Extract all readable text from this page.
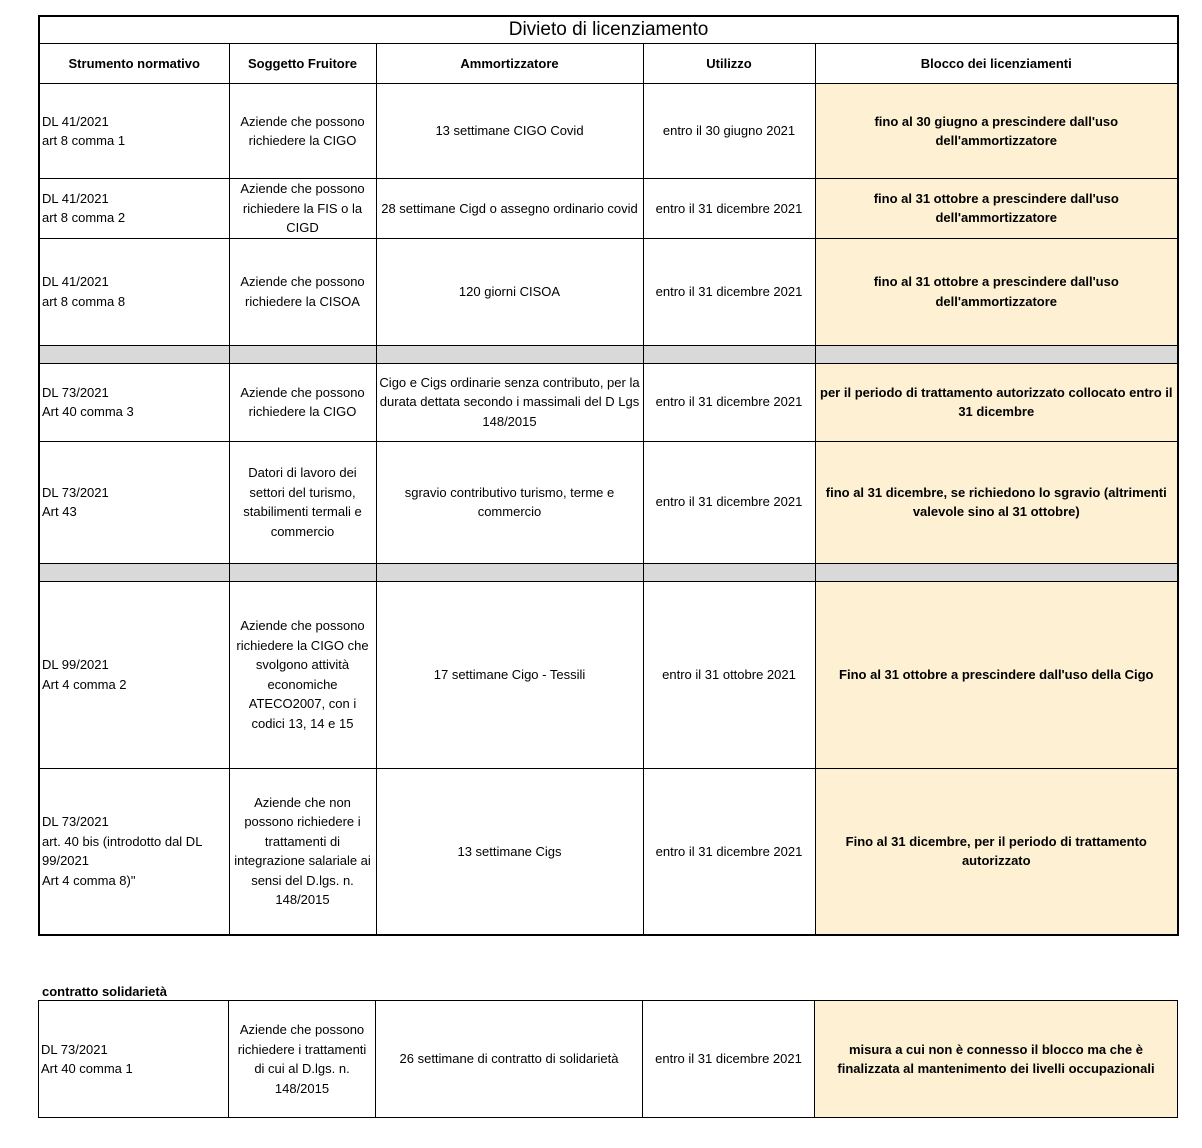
Divieto di licenziamento				
Strumento normativo	Soggetto Fruitore	Ammortizzatore	Utilizzo	Blocco dei licenziamenti
DL 41/2021
art 8 comma 1	Aziende che possono richiedere la CIGO	13 settimane CIGO Covid	entro il 30 giugno 2021	fino al 30 giugno a prescindere dall'uso dell'ammortizzatore
DL 41/2021
art 8 comma 2	Aziende che possono richiedere la FIS o la CIGD	28 settimane Cigd o assegno ordinario covid	entro il 31 dicembre 2021	fino al 31 ottobre a prescindere dall'uso dell'ammortizzatore
DL 41/2021
art 8 comma 8	Aziende che possono richiedere la CISOA	120 giorni CISOA	entro il 31 dicembre 2021	fino al 31 ottobre a prescindere dall'uso dell'ammortizzatore

DL 73/2021
Art 40 comma 3	Aziende che possono richiedere la CIGO	Cigo e Cigs ordinarie senza contributo, per la durata dettata secondo i massimali del D Lgs 148/2015	entro il 31 dicembre 2021	per il periodo di trattamento autorizzato collocato entro il 31 dicembre
DL 73/2021
Art 43	Datori di lavoro dei settori del turismo, stabilimenti termali e commercio	sgravio contributivo turismo, terme e commercio	entro il 31 dicembre 2021	fino al 31 dicembre, se richiedono lo sgravio (altrimenti valevole sino al 31 ottobre)

DL 99/2021
Art 4 comma 2	Aziende che possono richiedere la CIGO che svolgono attività economiche ATECO2007, con i codici 13, 14 e 15	17 settimane Cigo - Tessili	entro il 31 ottobre 2021	Fino al 31 ottobre a prescindere dall'uso della Cigo
DL 73/2021
art. 40 bis (introdotto dal DL 99/2021
Art 4 comma 8)"	Aziende che non possono richiedere i trattamenti di integrazione salariale ai sensi del D.lgs. n. 148/2015	13 settimane Cigs	entro il 31 dicembre 2021	Fino al 31 dicembre, per il periodo di trattamento autorizzato
contratto solidarietà
DL 73/2021
Art 40 comma 1	Aziende che possono richiedere i trattamenti di cui al D.lgs. n. 148/2015	26 settimane di contratto di solidarietà	entro il 31 dicembre 2021	misura a cui non è connesso il blocco ma che è finalizzata al mantenimento dei livelli occupazionali
